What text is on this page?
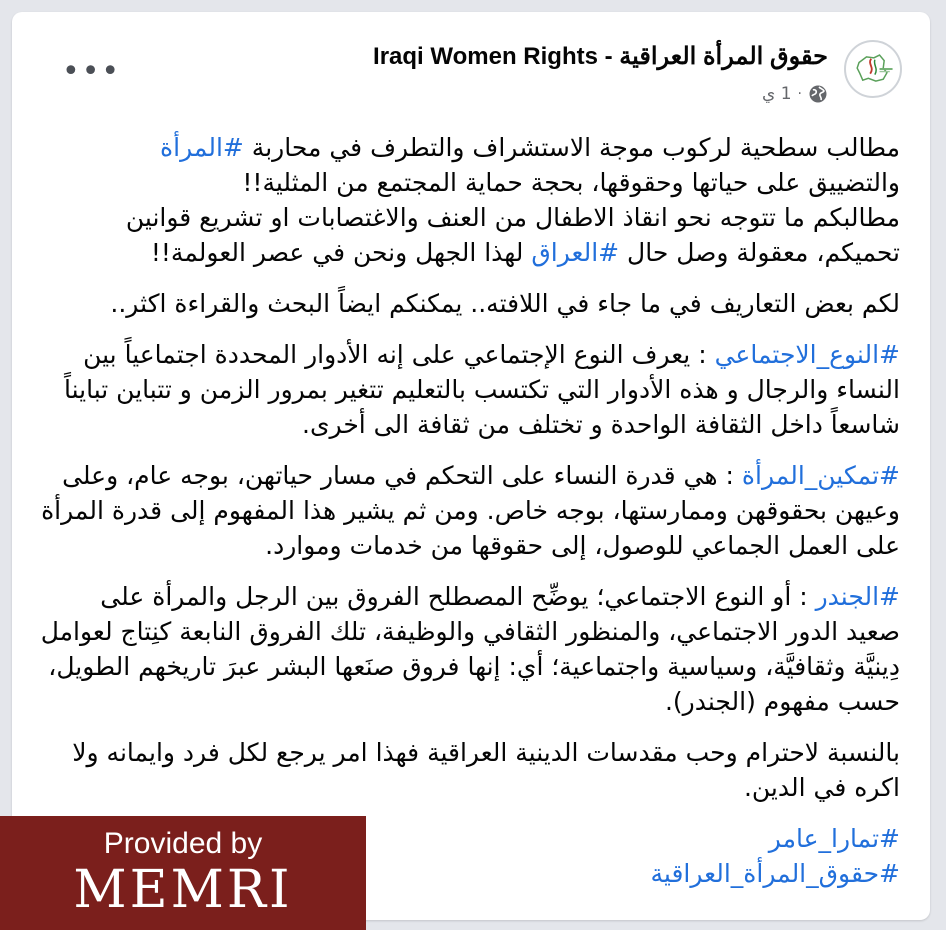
حقوق المرأة العراقية - Iraqi Women Rights
1 ي ·
•••

مطالب سطحية لركوب موجة الاستشراف والتطرف في محاربة #المرأة
والتضييق على حياتها وحقوقها، بحجة حماية المجتمع من المثلية!!
مطالبكم ما تتوجه نحو انقاذ الاطفال من العنف والاغتصابات او تشريع قوانين
تحميكم، معقولة وصل حال #العراق لهذا الجهل ونحن في عصر العولمة!!

لكم بعض التعاريف في ما جاء في اللافته.. يمكنكم ايضاً البحث والقراءة اكثر..

#النوع_الاجتماعي : يعرف النوع الإجتماعي على إنه الأدوار المحددة اجتماعياً بين النساء والرجال و هذه الأدوار التي تكتسب بالتعليم تتغير بمرور الزمن و تتباين تبايناً شاسعاً داخل الثقافة الواحدة و تختلف من ثقافة الى أخرى.

#تمكين_المرأة : هي قدرة النساء على التحكم في مسار حياتهن، بوجه عام، وعلى وعيهن بحقوقهن وممارستها، بوجه خاص. ومن ثم يشير هذا المفهوم إلى قدرة المرأة على العمل الجماعي للوصول، إلى حقوقها من خدمات وموارد.

#الجندر : أو النوع الاجتماعي؛ يوضِّح المصطلح الفروق بين الرجل والمرأة على صعيد الدور الاجتماعي، والمنظور الثقافي والوظيفة، تلك الفروق النابعة كنِتاج لعوامل دِينيَّة وثقافيَّة، وسياسية واجتماعية؛ أي: إنها فروق صنَعها البشر عبرَ تاريخهم الطويل، حسب مفهوم (الجندر).

بالنسبة لاحترام وحب مقدسات الدينية العراقية فهذا امر يرجع لكل فرد وايمانه ولا اكره في الدين.

#تمارا_عامر
#حقوق_المرأة_العراقية
Provided by
MEMRI
